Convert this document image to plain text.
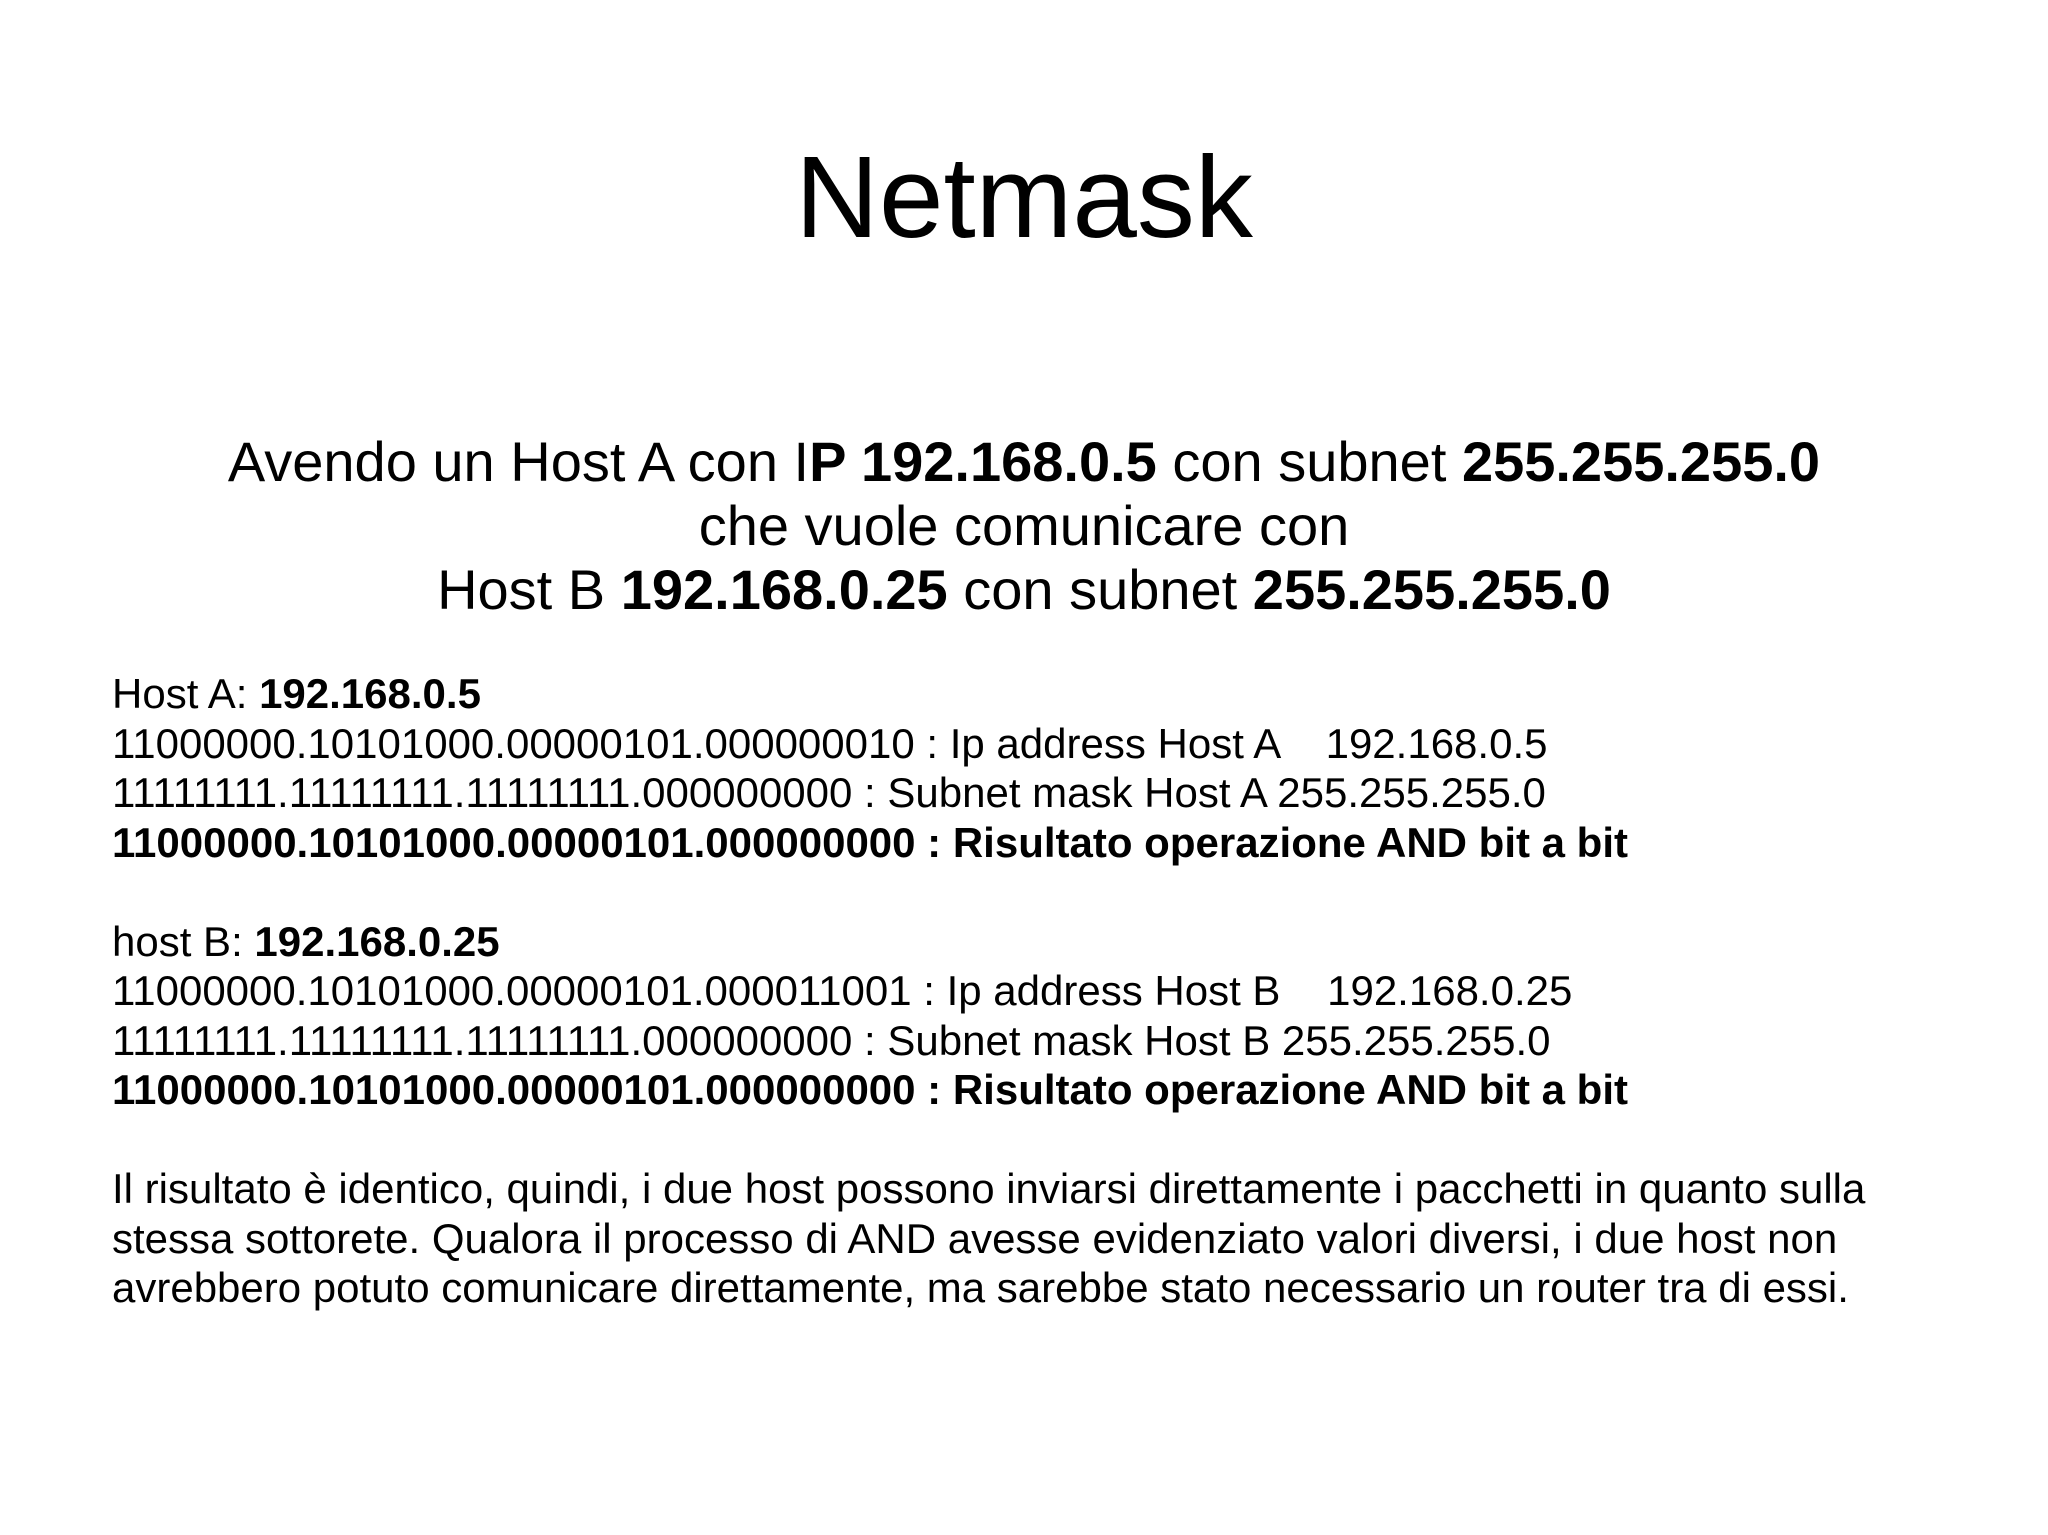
Netmask
Avendo un Host A con IP 192.168.0.5 con subnet 255.255.255.0
che vuole comunicare con
Host B 192.168.0.25 con subnet 255.255.255.0
Host A: 192.168.0.5
11000000.10101000.00000101.000000010 : Ip address Host A    192.168.0.5
11111111.11111111.11111111.000000000 : Subnet mask Host A 255.255.255.0
11000000.10101000.00000101.000000000 : Risultato operazione AND bit a bit
host B: 192.168.0.25
11000000.10101000.00000101.000011001 : Ip address Host B    192.168.0.25
11111111.11111111.11111111.000000000 : Subnet mask Host B 255.255.255.0
11000000.10101000.00000101.000000000 : Risultato operazione AND bit a bit
Il risultato è identico, quindi, i due host possono inviarsi direttamente i pacchetti in quanto sulla stessa sottorete. Qualora il processo di AND avesse evidenziato valori diversi, i due host non avrebbero potuto comunicare direttamente, ma sarebbe stato necessario un router tra di essi.
